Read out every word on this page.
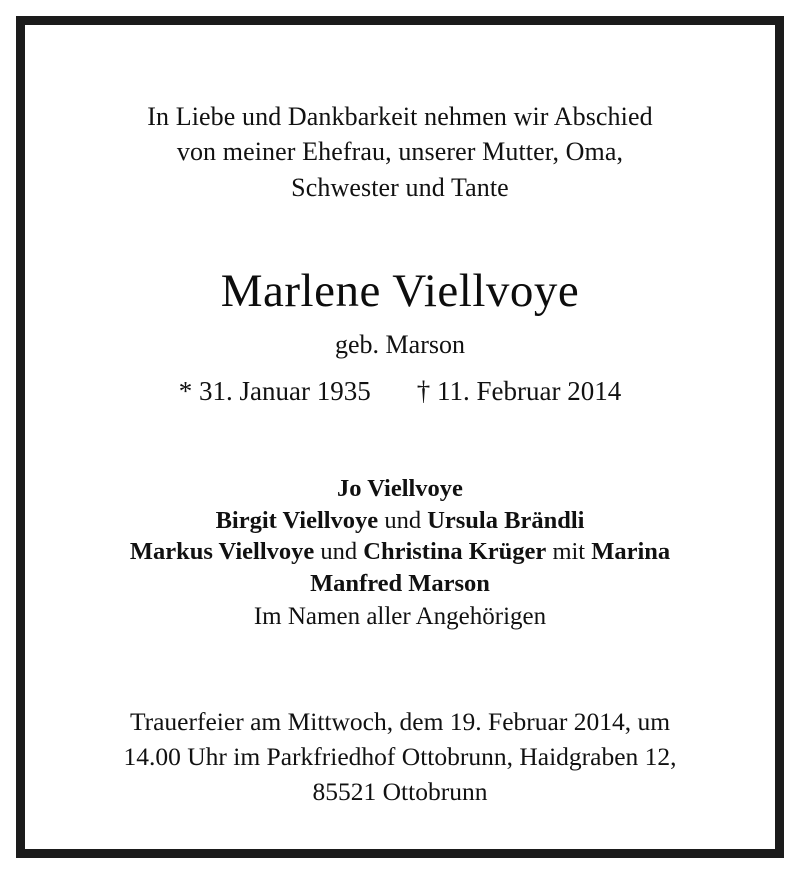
In Liebe und Dankbarkeit nehmen wir Abschied
von meiner Ehefrau, unserer Mutter, Oma,
Schwester und Tante
Marlene Viellvoye
geb. Marson
* 31. Januar 1935 † 11. Februar 2014
Jo Viellvoye
Birgit Viellvoye und Ursula Brändli
Markus Viellvoye und Christina Krüger mit Marina
Manfred Marson
Im Namen aller Angehörigen
Trauerfeier am Mittwoch, dem 19. Februar 2014, um
14.00 Uhr im Parkfriedhof Ottobrunn, Haidgraben 12,
85521 Ottobrunn
